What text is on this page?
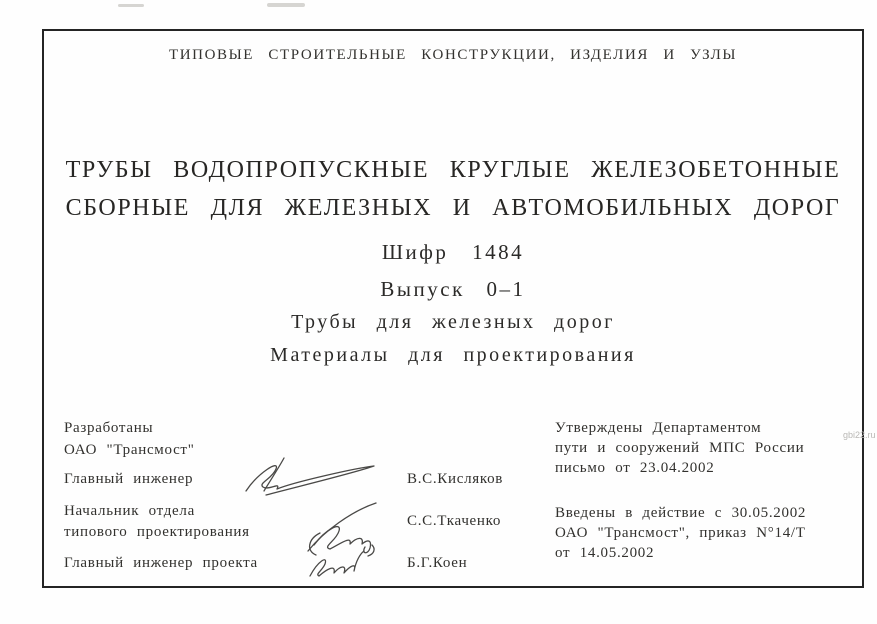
ТИПОВЫЕ СТРОИТЕЛЬНЫЕ КОНСТРУКЦИИ, ИЗДЕЛИЯ И УЗЛЫ
ТРУБЫ ВОДОПРОПУСКНЫЕ КРУГЛЫЕ ЖЕЛЕЗОБЕТОННЫЕ
СБОРНЫЕ ДЛЯ ЖЕЛЕЗНЫХ И АВТОМОБИЛЬНЫХ ДОРОГ
Шифр 1484
Выпуск 0–1
Трубы для железных дорог
Материалы для проектирования
Разработаны
ОАО "Трансмост"
Главный инженер	В.С.Кисляков
Начальник отдела
типового проектирования
С.С.Ткаченко
Главный инженер проекта	Б.Г.Коен
Утверждены Департаментом
пути и сооружений МПС России
письмо от 23.04.2002
Введены в действие с 30.05.2002
ОАО "Трансмост", приказ N°14/Т
от 14.05.2002
gbi22.ru
